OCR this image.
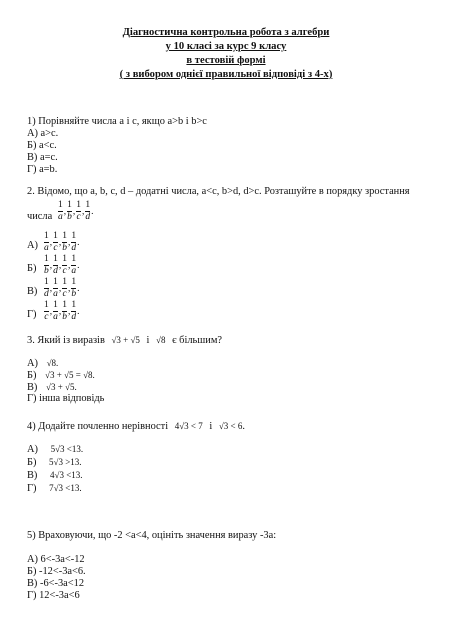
Діагностична контрольна робота з алгебри
у 10 класі за курс 9 класу
в тестовій формі
( з вибором однієї правильної відповіді з 4-х)
1) Порівняйте числа a і c, якщо a>b і b>c
А) a>c.
Б) a<c.
В) a=c.
Г) a=b.
2. Відомо, що a, b, c, d – додатні числа, a<c, b>d, d>c. Розташуйте в порядку зростання
числа $\frac{1}{a}$ , $\frac{1}{b}$ , $\frac{1}{c}$ , $\frac{1}{d}$ .
$А) \frac{1}{a}$ , $\frac{1}{c}$ , $\frac{1}{b}$ , $\frac{1}{d}$ .
$Б) \frac{1}{b}$ , $\frac{1}{d}$ , $\frac{1}{c}$ , $\frac{1}{a}$ .
$В) \frac{1}{d}$ , $\frac{1}{a}$ , $\frac{1}{c}$ , $\frac{1}{b}$ .
$Г) \frac{1}{c}$ , $\frac{1}{a}$ , $\frac{1}{b}$ , $\frac{1}{d}$ .
3. Який із виразів √3 + √5 і √8 є більшим?
А) √8.
Б) √3 + √5 = √8.
В) √3 + √5.
Г) інша відповідь
4) Додайте почленно нерівності 4√3 < 7 і √3 < 6.
А) 5√3 <13.
Б) 5√3 >13.
В) 4√3 <13.
Г) 7√3 <13.
5) Враховуючи, що -2 <a<4, оцініть значення виразу -3a:
А) 6<-3a<-12
Б) -12<-3a<6.
В) -6<-3a<12
Г) 12<-3a<6
